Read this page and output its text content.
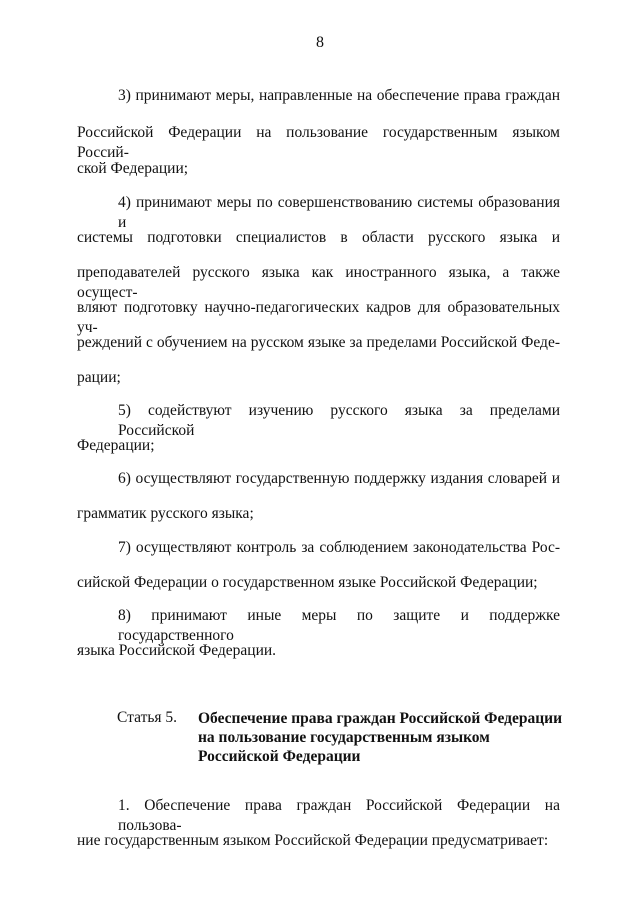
8
3) принимают меры, направленные на обеспечение права граждан
Российской Федерации на пользование государственным языком Россий-
ской Федерации;
4) принимают меры по совершенствованию системы образования и
системы подготовки специалистов в области русского языка и
преподавателей русского языка как иностранного языка, а также осущест-
вляют подготовку научно-педагогических кадров для образовательных уч-
реждений с обучением на русском языке за пределами Российской Феде-
рации;
5) содействуют изучению русского языка за пределами Российской
Федерации;
6) осуществляют государственную поддержку издания словарей и
грамматик русского языка;
7) осуществляют контроль за соблюдением законодательства Рос-
сийской Федерации о государственном языке Российской Федерации;
8) принимают иные меры по защите и поддержке государственного
языка Российской Федерации.
Статья 5. Обеспечение права граждан Российской Федерации
на пользование государственным языком
Российской Федерации
1. Обеспечение права граждан Российской Федерации на пользова-
ние государственным языком Российской Федерации предусматривает:
